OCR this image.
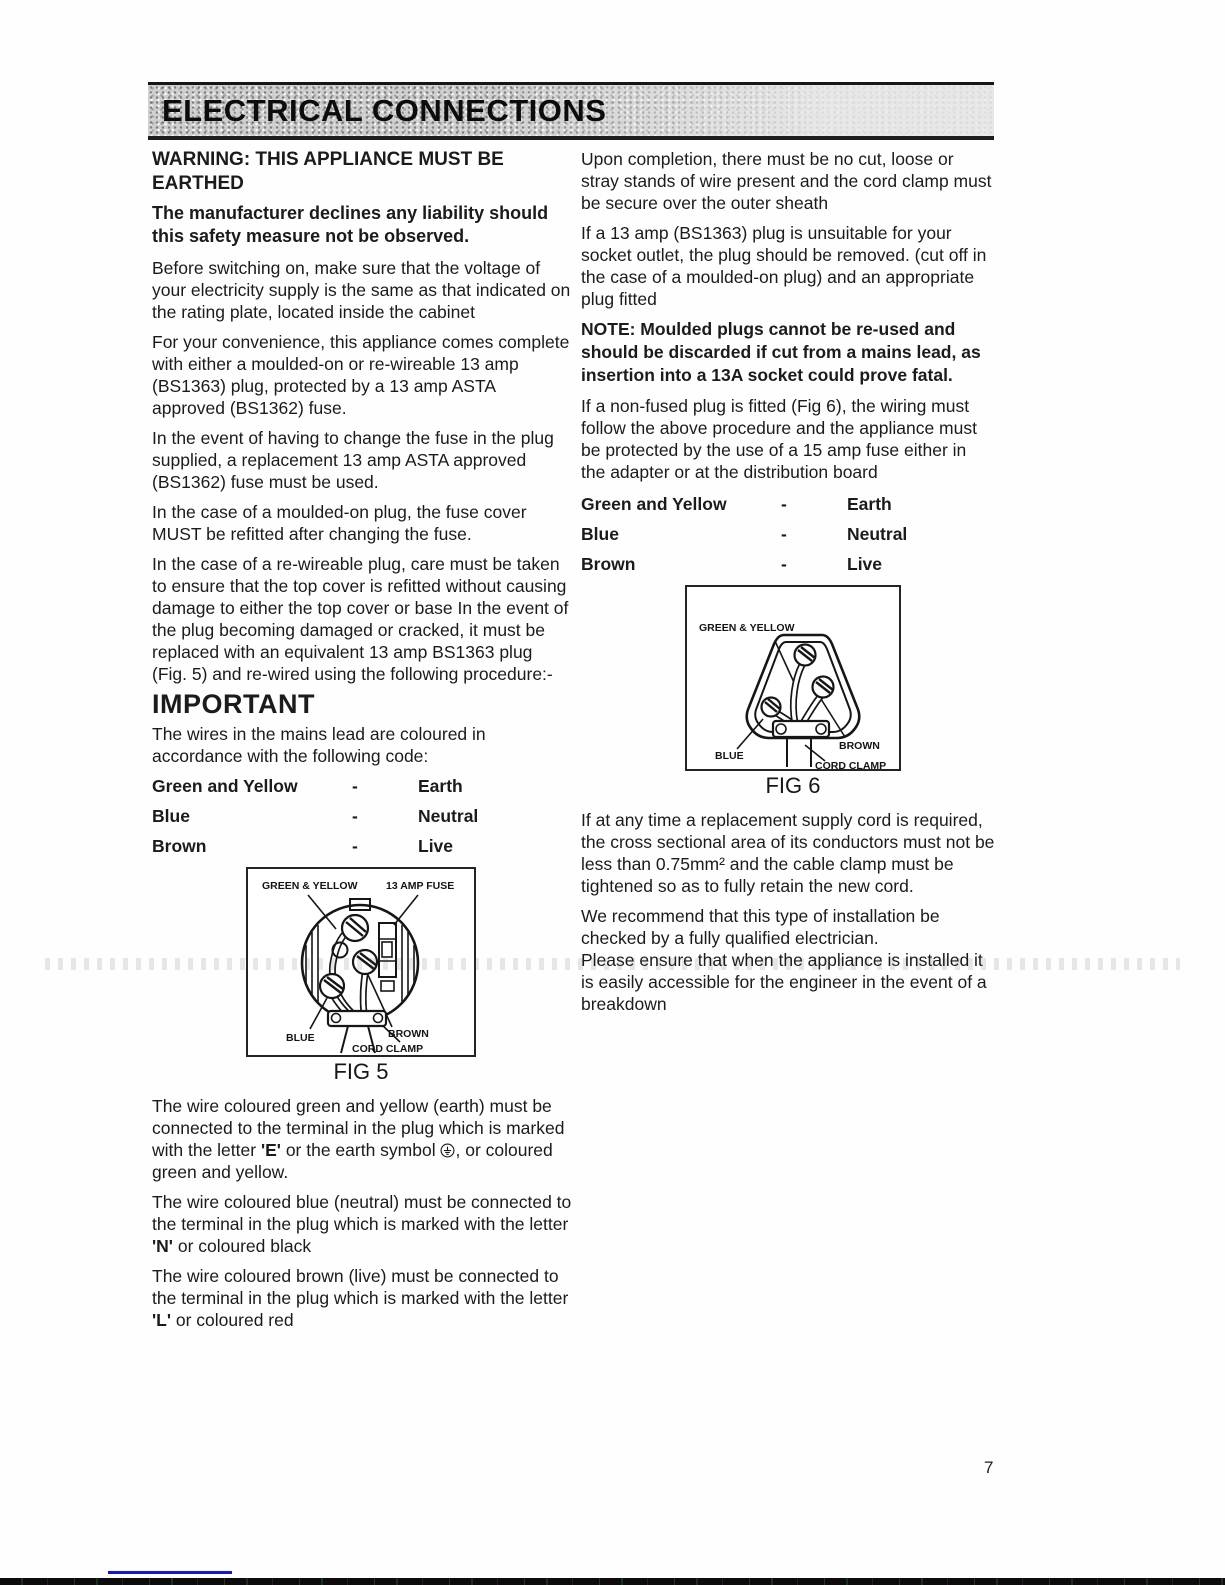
ELECTRICAL CONNECTIONS
WARNING: THIS APPLIANCE MUST BE EARTHED
The manufacturer declines any liability should this safety measure not be observed.

Before switching on, make sure that the voltage of your electricity supply is the same as that indicated on the rating plate, located inside the cabinet

For your convenience, this appliance comes complete with either a moulded-on or re-wireable 13 amp (BS1363) plug, protected by a 13 amp ASTA approved (BS1362) fuse.

In the event of having to change the fuse in the plug supplied, a replacement 13 amp ASTA approved (BS1362) fuse must be used.

In the case of a moulded-on plug, the fuse cover MUST be refitted after changing the fuse.

In the case of a re-wireable plug, care must be taken to ensure that the top cover is refitted without causing damage to either the top cover or base In the event of the plug becoming damaged or cracked, it must be replaced with an equivalent 13 amp BS1363 plug (Fig. 5) and re-wired using the following procedure:-

IMPORTANT

The wires in the mains lead are coloured in accordance with the following code:

Green and Yellow	-	Earth
Blue	-	Neutral
Brown	-	Live
GREEN & YELLOW	13 AMP FUSE
BLUE	BROWN
CORD CLAMP
FIG 5

The wire coloured green and yellow (earth) must be connected to the terminal in the plug which is marked with the letter 'E' or the earth symbol , or coloured green and yellow.

The wire coloured blue (neutral) must be connected to the terminal in the plug which is marked with the letter 'N' or coloured black

The wire coloured brown (live) must be connected to the terminal in the plug which is marked with the letter 'L' or coloured red

Upon completion, there must be no cut, loose or stray stands of wire present and the cord clamp must be secure over the outer sheath

If a 13 amp (BS1363) plug is unsuitable for your socket outlet, the plug should be removed. (cut off in the case of a moulded-on plug) and an appropriate plug fitted

NOTE: Moulded plugs cannot be re-used and should be discarded if cut from a mains lead, as insertion into a 13A socket could prove fatal.

If a non-fused plug is fitted (Fig 6), the wiring must follow the above procedure and the appliance must be protected by the use of a 15 amp fuse either in the adapter or at the distribution board

Green and Yellow	-	Earth
Blue	-	Neutral
Brown	-	Live
GREEN & YELLOW
BLUE
BROWN
CORD CLAMP
FIG 6

If at any time a replacement supply cord is required, the cross sectional area of its conductors must not be less than 0.75mm² and the cable clamp must be tightened so as to fully retain the new cord.

We recommend that this type of installation be checked by a fully qualified electrician.

Please ensure that when the appliance is installed it is easily accessible for the engineer in the event of a breakdown

7
